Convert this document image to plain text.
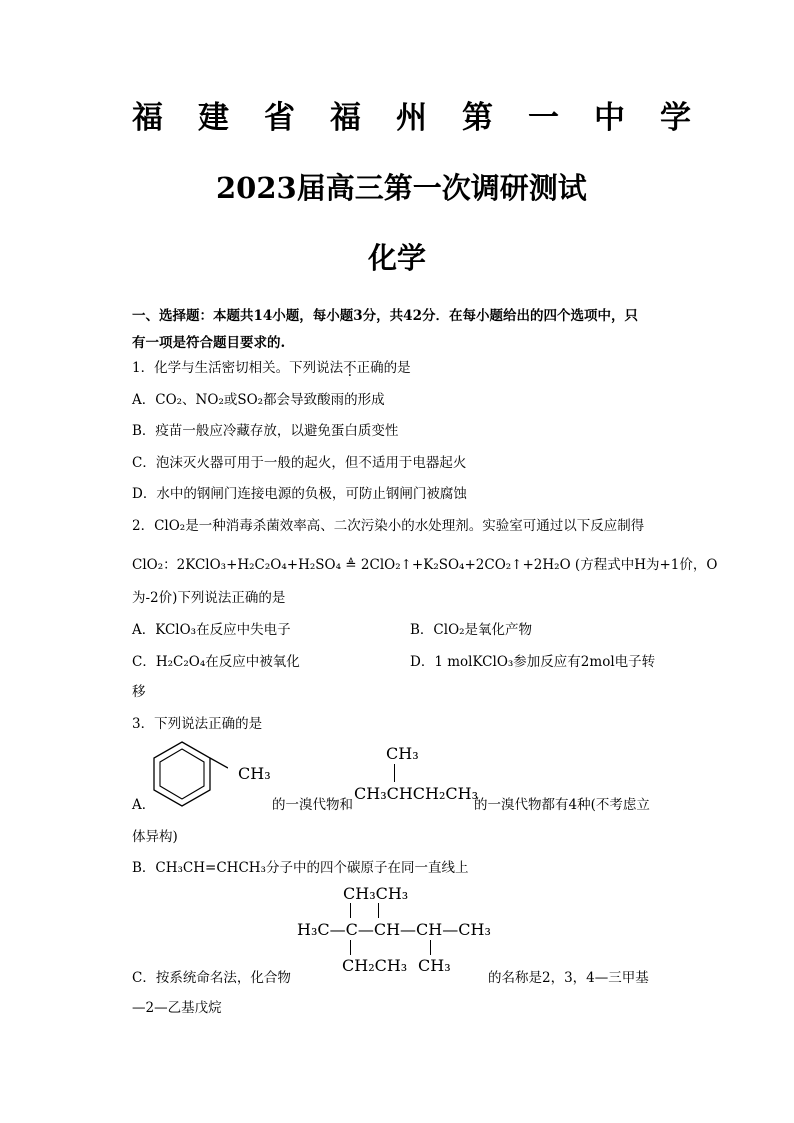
福 建 省 福 州 第 一 中 学
2023届高三第一次调研测试
化学
一、选择题：本题共14小题，每小题3分，共42分．在每小题给出的四个选项中，只
有一项是符合题目要求的.
1．化学与生活密切相关。下列说法不正确的是
A．CO₂、NO₂或SO₂都会导致酸雨的形成
B．疫苗一般应冷藏存放，以避免蛋白质变性
C．泡沫灭火器可用于一般的起火，但不适用于电器起火
D．水中的钢闸门连接电源的负极，可防止钢闸门被腐蚀
2．ClO₂是一种消毒杀菌效率高、二次污染小的水处理剂。实验室可通过以下反应制得
ClO₂：2KClO₃+H₂C₂O₄+H₂SO₄ ≜ 2ClO₂↑+K₂SO₄+2CO₂↑+2H₂O (方程式中H为+1价，O
为-2价)下列说法正确的是
A．KClO₃在反应中失电子	B．ClO₂是氧化产物
C．H₂C₂O₄在反应中被氧化	D．1 molKClO₃参加反应有2mol电子转
移
3．下列说法正确的是
CH₃
A．	的一溴代物和
CH₃
CH₃CHCH₂CH₃
的一溴代物都有4种(不考虑立
体异构)
B．CH₃CH=CHCH₃分子中的四个碳原子在同一直线上
CH₃CH₃
H₃C—C—CH—CH—CH₃
CH₂CH₃ CH₃
C．按系统命名法，化合物	的名称是2，3，4—三甲基
—2—乙基戊烷
